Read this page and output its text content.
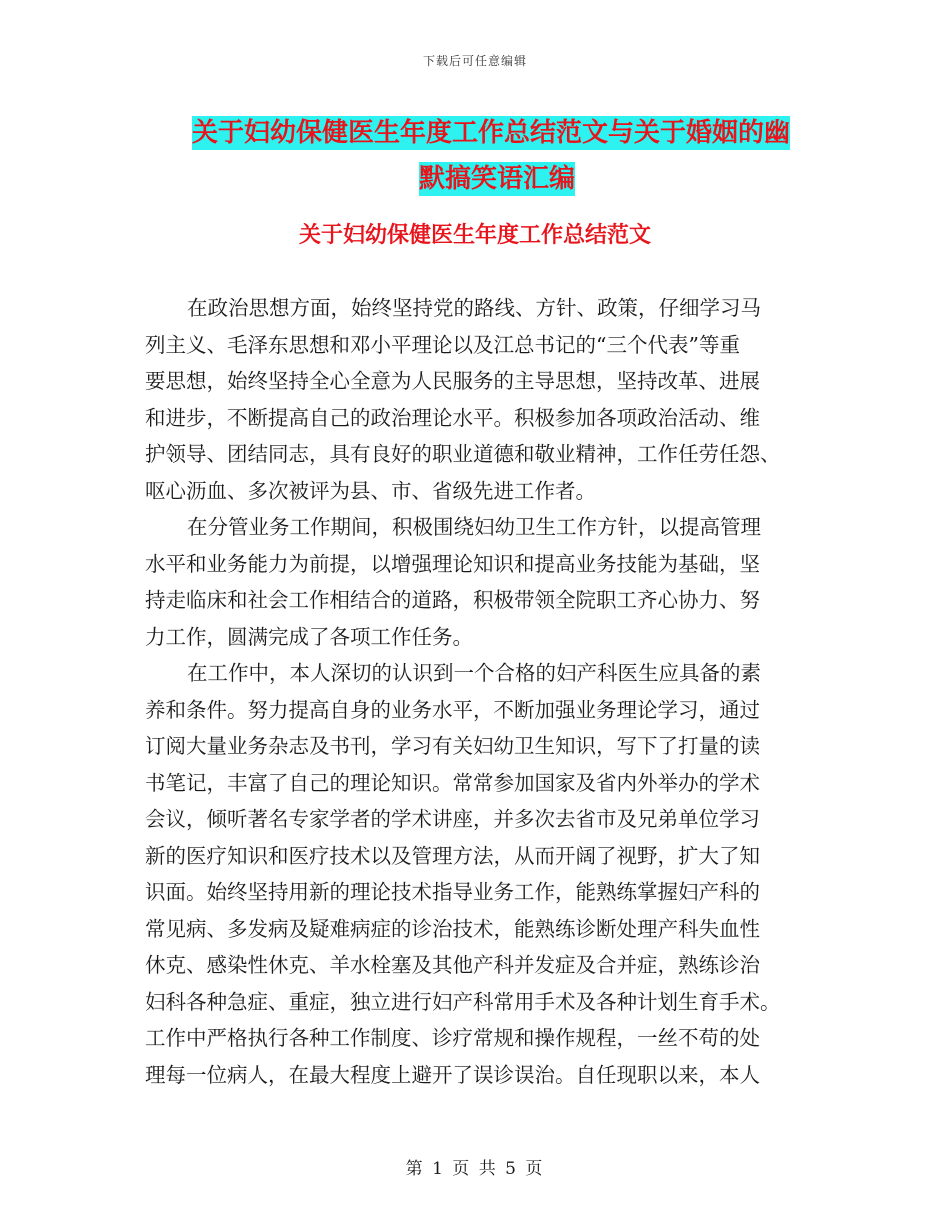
下载后可任意编辑
关于妇幼保健医生年度工作总结范文与关于婚姻的幽
默搞笑语汇编
关于妇幼保健医生年度工作总结范文
在政治思想方面，始终坚持党的路线、方针、政策，仔细学习马
列主义、毛泽东思想和邓小平理论以及江总书记的“三个代表”等重
要思想，始终坚持全心全意为人民服务的主导思想，坚持改革、进展
和进步，不断提高自己的政治理论水平。积极参加各项政治活动、维
护领导、团结同志，具有良好的职业道德和敬业精神，工作任劳任怨、
呕心沥血、多次被评为县、市、省级先进工作者。
在分管业务工作期间，积极围绕妇幼卫生工作方针，以提高管理
水平和业务能力为前提，以增强理论知识和提高业务技能为基础，坚
持走临床和社会工作相结合的道路，积极带领全院职工齐心协力、努
力工作，圆满完成了各项工作任务。
在工作中，本人深切的认识到一个合格的妇产科医生应具备的素
养和条件。努力提高自身的业务水平，不断加强业务理论学习，通过
订阅大量业务杂志及书刊，学习有关妇幼卫生知识，写下了打量的读
书笔记，丰富了自己的理论知识。常常参加国家及省内外举办的学术
会议，倾听著名专家学者的学术讲座，并多次去省市及兄弟单位学习
新的医疗知识和医疗技术以及管理方法，从而开阔了视野，扩大了知
识面。始终坚持用新的理论技术指导业务工作，能熟练掌握妇产科的
常见病、多发病及疑难病症的诊治技术，能熟练诊断处理产科失血性
休克、感染性休克、羊水栓塞及其他产科并发症及合并症，熟练诊治
妇科各种急症、重症，独立进行妇产科常用手术及各种计划生育手术。
工作中严格执行各种工作制度、诊疗常规和操作规程，一丝不苟的处
理每一位病人，在最大程度上避开了误诊误治。自任现职以来，本人
第 1 页 共 5 页
